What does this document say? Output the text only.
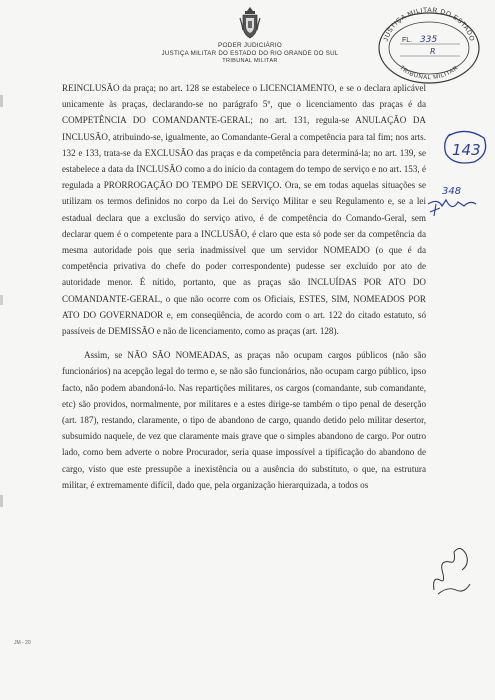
PODER JUDICIÁRIO
JUSTIÇA MILITAR DO ESTADO DO RIO GRANDE DO SUL
TRIBUNAL MILITAR
JUSTIÇA MILITAR DO ESTADO
TRIBUNAL MILITAR
FL. 335
R
143
348

REINCLUSÃO da praça; no art. 128 se estabelece o LICENCIAMENTO, e se o declara aplicável unicamente às praças, declarando-se no parágrafo 5º, que o licenciamento das praças é da COMPETÊNCIA DO COMANDANTE-GERAL; no art. 131, regula-se ANULAÇÃO DA INCLUSÃO, atribuindo-se, igualmente, ao Comandante-Geral a competência para tal fim; nos arts. 132 e 133, trata-se da EXCLUSÃO das praças e da competência para determiná-la; no art. 139, se estabelece a data da INCLUSÃO como a do início da contagem do tempo de serviço e no art. 153, é regulada a PRORROGAÇÃO DO TEMPO DE SERVIÇO. Ora, se em todas aquelas situações se utilizam os termos definidos no corpo da Lei do Serviço Militar e seu Regulamento e, se a lei estadual declara que a exclusão do serviço ativo, é de competência do Comando-Geral, sem declarar quem é o competente para a INCLUSÃO, é claro que esta só pode ser da competência da mesma autoridade pois que seria inadmissível que um servidor NOMEADO (o que é da competência privativa do chefe do poder correspondente) pudesse ser excluído por ato de autoridade menor. É nítido, portanto, que as praças são INCLUÍDAS POR ATO DO COMANDANTE-GERAL, o que não ocorre com os Oficiais, ESTES, SIM, NOMEADOS POR ATO DO GOVERNADOR e, em conseqüência, de acordo com o art. 122 do citado estatuto, só passíveis de DEMISSÃO e não de licenciamento, como as praças (art. 128).

Assim, se NÃO SÃO NOMEADAS, as praças não ocupam cargos públicos (não são funcionários) na acepção legal do termo e, se não são funcionários, não ocupam cargo público, ipso facto, não podem abandoná-lo. Nas repartições militares, os cargos (comandante, sub comandante, etc) são providos, normalmente, por militares e a estes dirige-se também o tipo penal de deserção (art. 187), restando, claramente, o tipo de abandono de cargo, quando detido pelo militar desertor, subsumido naquele, de vez que claramente mais grave que o simples abandono de cargo. Por outro lado, como bem adverte o nobre Procurador, seria quase impossível a tipificação do abandono de cargo, visto que este pressupõe a inexistência ou a ausência do substituto, o que, na estrutura militar, é extremamente difícil, dado que, pela organização hierarquizada, a todos os

JM - 20
